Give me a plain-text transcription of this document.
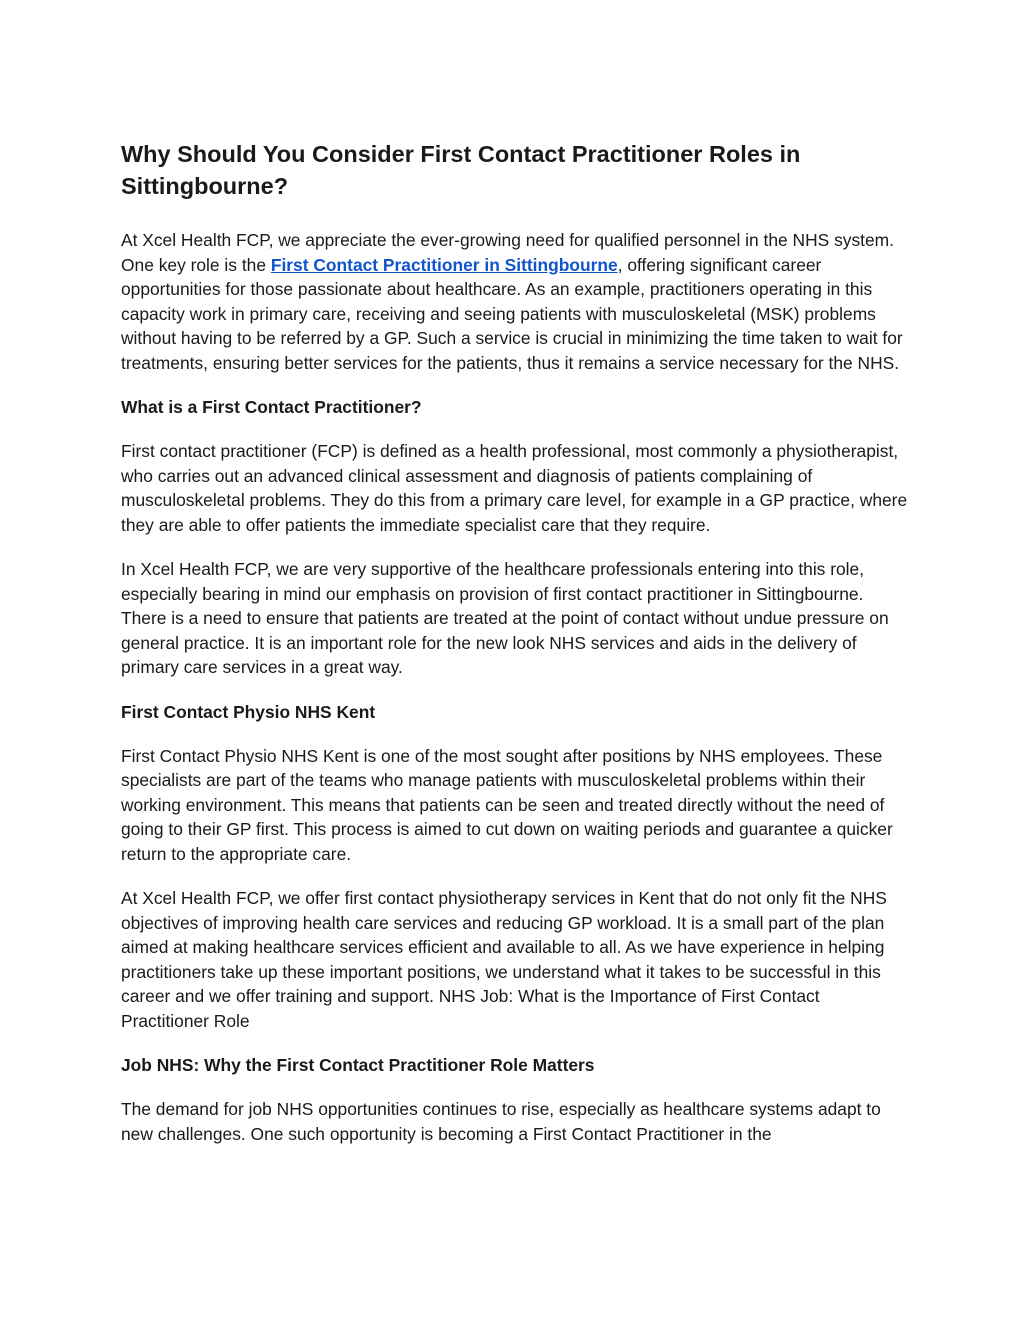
Why Should You Consider First Contact Practitioner Roles in Sittingbourne?

At Xcel Health FCP, we appreciate the ever-growing need for qualified personnel in the NHS system. One key role is the First Contact Practitioner in Sittingbourne, offering significant career opportunities for those passionate about healthcare. As an example, practitioners operating in this capacity work in primary care, receiving and seeing patients with musculoskeletal (MSK) problems without having to be referred by a GP. Such a service is crucial in minimizing the time taken to wait for treatments, ensuring better services for the patients, thus it remains a service necessary for the NHS.

What is a First Contact Practitioner?

First contact practitioner (FCP) is defined as a health professional, most commonly a physiotherapist, who carries out an advanced clinical assessment and diagnosis of patients complaining of musculoskeletal problems. They do this from a primary care level, for example in a GP practice, where they are able to offer patients the immediate specialist care that they require.

In Xcel Health FCP, we are very supportive of the healthcare professionals entering into this role, especially bearing in mind our emphasis on provision of first contact practitioner in Sittingbourne. There is a need to ensure that patients are treated at the point of contact without undue pressure on general practice. It is an important role for the new look NHS services and aids in the delivery of primary care services in a great way.

First Contact Physio NHS Kent

First Contact Physio NHS Kent is one of the most sought after positions by NHS employees. These specialists are part of the teams who manage patients with musculoskeletal problems within their working environment. This means that patients can be seen and treated directly without the need of going to their GP first. This process is aimed to cut down on waiting periods and guarantee a quicker return to the appropriate care.

At Xcel Health FCP, we offer first contact physiotherapy services in Kent that do not only fit the NHS objectives of improving health care services and reducing GP workload. It is a small part of the plan aimed at making healthcare services efficient and available to all. As we have experience in helping practitioners take up these important positions, we understand what it takes to be successful in this career and we offer training and support. NHS Job: What is the Importance of First Contact Practitioner Role

Job NHS: Why the First Contact Practitioner Role Matters

The demand for job NHS opportunities continues to rise, especially as healthcare systems adapt to new challenges. One such opportunity is becoming a First Contact Practitioner in the
